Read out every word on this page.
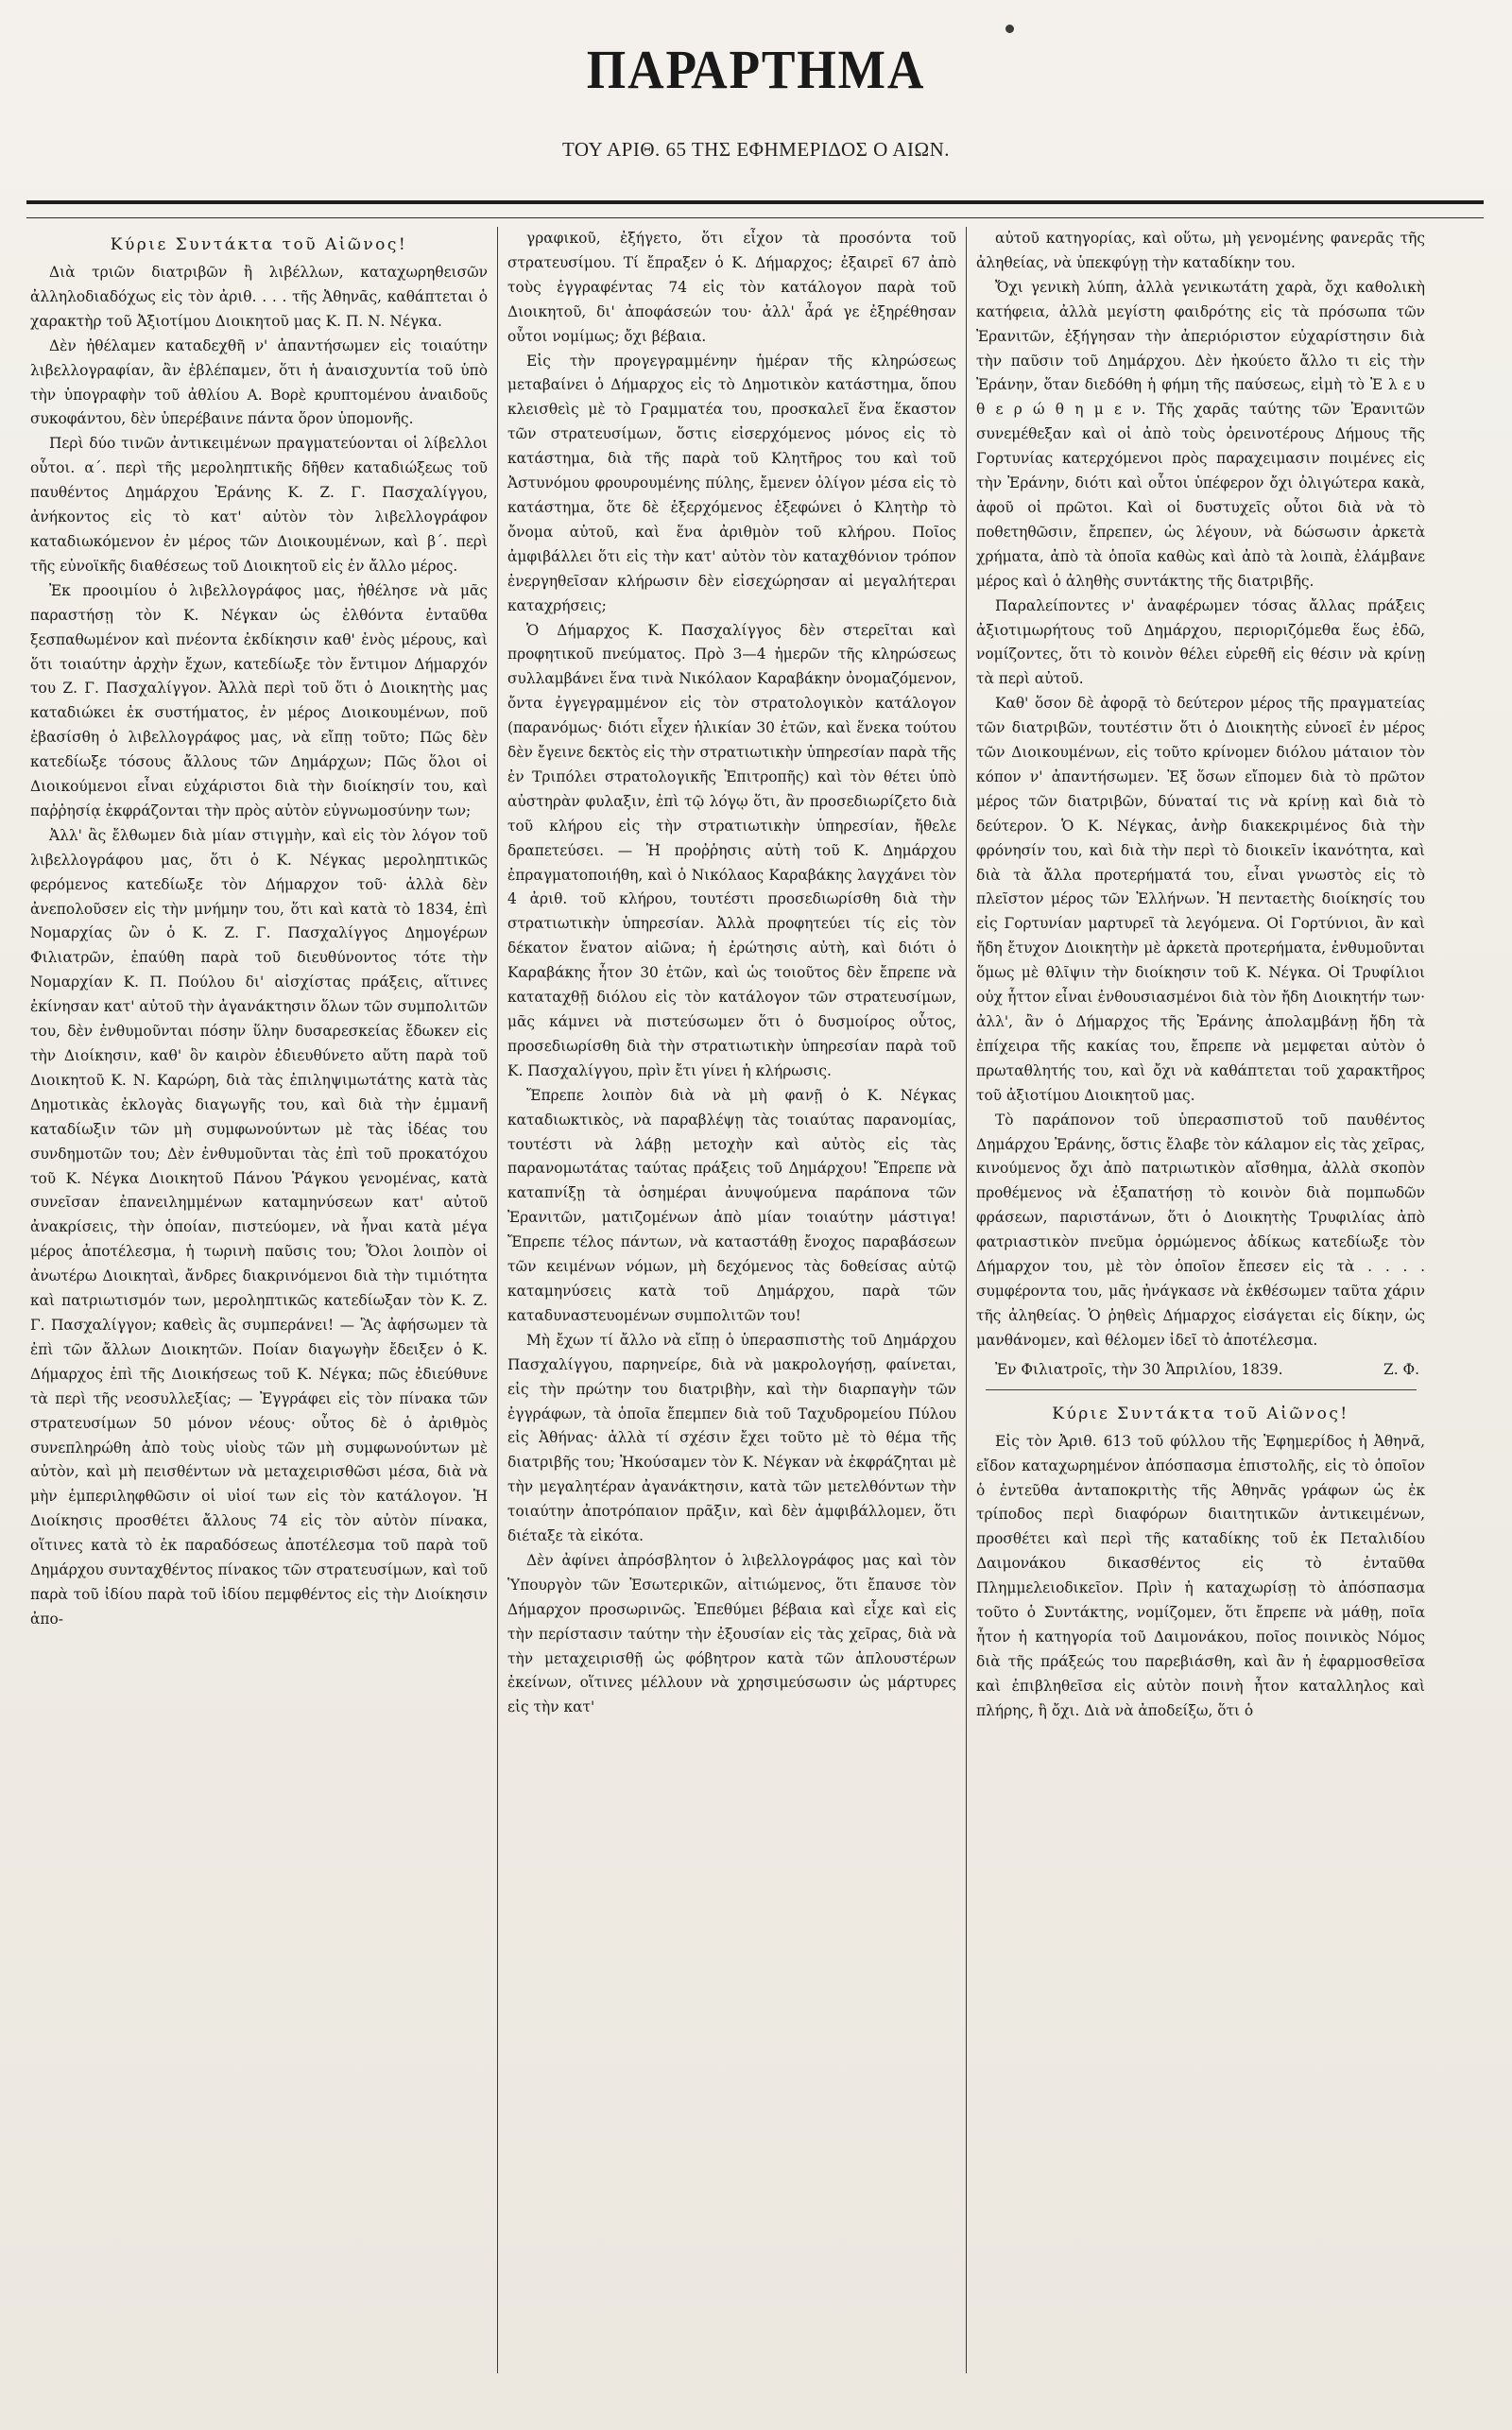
ΠΑΡΑΡΤΗΜΑ
ΤΟΥ ΑΡΙΘ. 65 ΤΗΣ ΕΦΗΜΕΡΙΔΟΣ Ο ΑΙΩΝ.
Κύριε Συντάκτα τοῦ Αἰῶνος!

Διὰ τριῶν διατριβῶν ἢ λιβέλλων, καταχωρηθεισῶν ἀλληλοδιαδόχως εἰς τὸν ἀριθ. . . . τῆς Ἀθηνᾶς, καθάπτεται ὁ χαρακτὴρ τοῦ Ἀξιοτίμου Διοικητοῦ μας Κ. Π. Ν. Νέγκα.

Δὲν ἠθέλαμεν καταδεχθῆ ν' ἀπαντήσωμεν εἰς τοιαύτην λιβελλογραφίαν, ἂν ἐβλέπαμεν, ὅτι ἡ ἀναισχυντία τοῦ ὑπὸ τὴν ὑπογραφὴν τοῦ ἀθλίου Α. Βορὲ κρυπτομένου ἀναιδοῦς συκοφάντου, δὲν ὑπερέβαινε πάντα ὅρον ὑπομονῆς.

Περὶ δύο τινῶν ἀντικειμένων πραγματεύονται οἱ λίβελλοι οὗτοι. α΄. περὶ τῆς μεροληπτικῆς δῆθεν καταδιώξεως τοῦ παυθέντος Δημάρχου Ἐράνης Κ. Ζ. Γ. Πασχαλίγγου, ἀνήκοντος εἰς τὸ κατ' αὐτὸν τὸν λιβελλογράφον καταδιωκόμενον ἐν μέρος τῶν Διοικουμένων, καὶ β΄. περὶ τῆς εὐνοϊκῆς διαθέσεως τοῦ Διοικητοῦ εἰς ἐν ἄλλο μέρος.

Ἐκ προοιμίου ὁ λιβελλογράφος μας, ἠθέλησε νὰ μᾶς παραστήσῃ τὸν Κ. Νέγκαν ὡς ἐλθόντα ἐνταῦθα ξεσπαθωμένον καὶ πνέοντα ἐκδίκησιν καθ' ἑνὸς μέρους, καὶ ὅτι τοιαύτην ἀρχὴν ἔχων, κατεδίωξε τὸν ἔντιμον Δήμαρχόν του Ζ. Γ. Πασχαλίγγον. Ἀλλὰ περὶ τοῦ ὅτι ὁ Διοικητὴς μας καταδιώκει ἐκ συστήματος, ἐν μέρος Διοικουμένων, ποῦ ἐβασίσθη ὁ λιβελλογράφος μας, νὰ εἴπῃ τοῦτο; Πῶς δὲν κατεδίωξε τόσους ἄλλους τῶν Δημάρχων; Πῶς ὅλοι οἱ Διοικούμενοι εἶναι εὐχάριστοι διὰ τὴν διοίκησίν του, καὶ παῤῥησίᾳ ἐκφράζονται τὴν πρὸς αὐτὸν εὐγνωμοσύνην των;

Ἀλλ' ἂς ἔλθωμεν διὰ μίαν στιγμὴν, καὶ εἰς τὸν λόγον τοῦ λιβελλογράφου μας, ὅτι ὁ Κ. Νέγκας μεροληπτικῶς φερόμενος κατεδίωξε τὸν Δήμαρχον τοῦ· ἀλλὰ δὲν ἀνεπολοῦσεν εἰς τὴν μνήμην του, ὅτι καὶ κατὰ τὸ 1834, ἐπὶ Νομαρχίας ὢν ὁ Κ. Ζ. Γ. Πασχαλίγγος Δημογέρων Φιλιατρῶν, ἐπαύθη παρὰ τοῦ διευθύνοντος τότε τὴν Νομαρχίαν Κ. Π. Πούλου δι' αἰσχίστας πράξεις, αἵτινες ἐκίνησαν κατ' αὐτοῦ τὴν ἀγανάκτησιν ὅλων τῶν συμπολιτῶν του, δὲν ἐνθυμοῦνται πόσην ὕλην δυσαρεσκείας ἔδωκεν εἰς τὴν Διοίκησιν, καθ' ὃν καιρὸν ἐδιευθύνετο αὕτη παρὰ τοῦ Διοικητοῦ Κ. Ν. Καρώρη, διὰ τὰς ἐπιληψιμωτάτης κατὰ τὰς Δημοτικὰς ἐκλογὰς διαγωγῆς του, καὶ διὰ τὴν ἐμμανῆ καταδίωξιν τῶν μὴ συμφωνούντων μὲ τὰς ἰδέας του συνδημοτῶν του; Δὲν ἐνθυμοῦνται τὰς ἐπὶ τοῦ προκατόχου τοῦ Κ. Νέγκα Διοικητοῦ Πάνου Ῥάγκου γενομένας, κατὰ συνεῖσαν ἐπανειλημμένων καταμηνύσεων κατ' αὐτοῦ ἀνακρίσεις, τὴν ὁποίαν, πιστεύομεν, νὰ ἦναι κατὰ μέγα μέρος ἀποτέλεσμα, ἡ τωρινὴ παῦσις του; Ὅλοι λοιπὸν οἱ ἀνωτέρω Διοικηταὶ, ἄνδρες διακρινόμενοι διὰ τὴν τιμιότητα καὶ πατριωτισμόν των, μεροληπτικῶς κατεδίωξαν τὸν Κ. Ζ. Γ. Πασχαλίγγον; καθεὶς ἂς συμπεράνει! — Ἂς ἀφήσωμεν τὰ ἐπὶ τῶν ἄλλων Διοικητῶν. Ποίαν διαγωγὴν ἔδειξεν ὁ Κ. Δήμαρχος ἐπὶ τῆς Διοικήσεως τοῦ Κ. Νέγκα; πῶς ἐδιεύθυνε τὰ περὶ τῆς νεοσυλλεξίας; — Ἐγγράφει εἰς τὸν πίνακα τῶν στρατευσίμων 50 μόνον νέους· οὗτος δὲ ὁ ἀριθμὸς συνεπληρώθη ἀπὸ τοὺς υἱοὺς τῶν μὴ συμφωνούντων μὲ αὐτὸν, καὶ μὴ πεισθέντων νὰ μεταχειρισθῶσι μέσα, διὰ νὰ μὴν ἐμπεριληφθῶσιν οἱ υἱοί των εἰς τὸν κατάλογον. Ἡ Διοίκησις προσθέτει ἄλλους 74 εἰς τὸν αὐτὸν πίνακα, οἵτινες κατὰ τὸ ἐκ παραδόσεως ἀποτέλεσμα τοῦ παρὰ τοῦ Δημάρχου συνταχθέντος πίνακος τῶν στρατευσίμων, καὶ τοῦ παρὰ τοῦ ἰδίου παρὰ τοῦ ἰδίου πεμφθέντος εἰς τὴν Διοίκησιν ἀπο-

γραφικοῦ, ἐξήγετο, ὅτι εἶχον τὰ προσόντα τοῦ στρατευσίμου. Τί ἔπραξεν ὁ Κ. Δήμαρχος; ἐξαιρεῖ 67 ἀπὸ τοὺς ἐγγραφέντας 74 εἰς τὸν κατάλογον παρὰ τοῦ Διοικητοῦ, δι' ἀποφάσεών του· ἀλλ' ἆρά γε ἐξηρέθησαν οὗτοι νομίμως; ὄχι βέβαια.

Εἰς τὴν προγεγραμμένην ἡμέραν τῆς κληρώσεως μεταβαίνει ὁ Δήμαρχος εἰς τὸ Δημοτικὸν κατάστημα, ὅπου κλεισθεὶς μὲ τὸ Γραμματέα του, προσκαλεῖ ἕνα ἕκαστον τῶν στρατευσίμων, ὅστις εἰσερχόμενος μόνος εἰς τὸ κατάστημα, διὰ τῆς παρὰ τοῦ Κλητῆρος του καὶ τοῦ Ἀστυνόμου φρουρουμένης πύλης, ἔμενεν ὀλίγον μέσα εἰς τὸ κατάστημα, ὅτε δὲ ἐξερχόμενος ἐξεφώνει ὁ Κλητὴρ τὸ ὄνομα αὐτοῦ, καὶ ἕνα ἀριθμὸν τοῦ κλήρου. Ποῖος ἀμφιβάλλει ὅτι εἰς τὴν κατ' αὐτὸν τὸν καταχθόνιον τρόπον ἐνεργηθεῖσαν κλήρωσιν δὲν εἰσεχώρησαν αἱ μεγαλήτεραι καταχρήσεις;

Ὁ Δήμαρχος Κ. Πασχαλίγγος δὲν στερεῖται καὶ προφητικοῦ πνεύματος. Πρὸ 3—4 ἡμερῶν τῆς κληρώσεως συλλαμβάνει ἕνα τινὰ Νικόλαον Καραβάκην ὀνομαζόμενον, ὄντα ἐγγεγραμμένον εἰς τὸν στρατολογικὸν κατάλογον (παρανόμως· διότι εἶχεν ἡλικίαν 30 ἐτῶν, καὶ ἕνεκα τούτου δὲν ἔγεινε δεκτὸς εἰς τὴν στρατιωτικὴν ὑπηρεσίαν παρὰ τῆς ἐν Τριπόλει στρατολογικῆς Ἐπιτροπῆς) καὶ τὸν θέτει ὑπὸ αὐστηρὰν φυλαξιν, ἐπὶ τῷ λόγῳ ὅτι, ἂν προσεδιωρίζετο διὰ τοῦ κλήρου εἰς τὴν στρατιωτικὴν ὑπηρεσίαν, ἤθελε δραπετεύσει. — Ἡ προῤῥησις αὐτὴ τοῦ Κ. Δημάρχου ἐπραγματοποιήθη, καὶ ὁ Νικόλαος Καραβάκης λαγχάνει τὸν 4 ἀριθ. τοῦ κλήρου, τουτέστι προσεδιωρίσθη διὰ τὴν στρατιωτικὴν ὑπηρεσίαν. Ἀλλὰ προφητεύει τίς εἰς τὸν δέκατον ἔνατον αἰῶνα; ἡ ἐρώτησις αὐτὴ, καὶ διότι ὁ Καραβάκης ἦτον 30 ἐτῶν, καὶ ὡς τοιοῦτος δὲν ἔπρεπε νὰ καταταχθῇ διόλου εἰς τὸν κατάλογον τῶν στρατευσίμων, μᾶς κάμνει νὰ πιστεύσωμεν ὅτι ὁ δυσμοίρος οὗτος, προσεδιωρίσθη διὰ τὴν στρατιωτικὴν ὑπηρεσίαν παρὰ τοῦ Κ. Πασχαλίγγου, πρὶν ἔτι γίνει ἡ κλήρωσις.

Ἔπρεπε λοιπὸν διὰ νὰ μὴ φανῇ ὁ Κ. Νέγκας καταδιωκτικὸς, νὰ παραβλέψῃ τὰς τοιαύτας παρανομίας, τουτέστι νὰ λάβῃ μετοχὴν καὶ αὐτὸς εἰς τὰς παρανομωτάτας ταύτας πράξεις τοῦ Δημάρχου! Ἔπρεπε νὰ καταπνίξῃ τὰ ὀσημέραι ἀνυψούμενα παράπονα τῶν Ἐρανιτῶν, ματιζομένων ἀπὸ μίαν τοιαύτην μάστιγα! Ἔπρεπε τέλος πάντων, νὰ καταστάθῃ ἔνοχος παραβάσεων τῶν κειμένων νόμων, μὴ δεχόμενος τὰς δοθείσας αὐτῷ καταμηνύσεις κατὰ τοῦ Δημάρχου, παρὰ τῶν καταδυναστευομένων συμπολιτῶν του!

Μὴ ἔχων τί ἄλλο νὰ εἴπῃ ὁ ὑπερασπιστὴς τοῦ Δημάρχου Πασχαλίγγου, παρηνείρε, διὰ νὰ μακρολογήσῃ, φαίνεται, εἰς τὴν πρώτην του διατριβὴν, καὶ τὴν διαρπαγὴν τῶν ἐγγράφων, τὰ ὁποῖα ἔπεμπεν διὰ τοῦ Ταχυδρομείου Πύλου εἰς Ἀθήνας· ἀλλὰ τί σχέσιν ἔχει τοῦτο μὲ τὸ θέμα τῆς διατριβῆς του; Ἠκούσαμεν τὸν Κ. Νέγκαν νὰ ἐκφράζηται μὲ τὴν μεγαλητέραν ἀγανάκτησιν, κατὰ τῶν μετελθόντων τὴν τοιαύτην ἀποτρόπαιον πρᾶξιν, καὶ δὲν ἀμφιβάλλομεν, ὅτι διέταξε τὰ εἰκότα.

Δὲν ἀφίνει ἀπρόσβλητον ὁ λιβελλογράφος μας καὶ τὸν Ὑπουργὸν τῶν Ἐσωτερικῶν, αἰτιώμενος, ὅτι ἔπαυσε τὸν Δήμαρχον προσωρινῶς. Ἐπεθύμει βέβαια καὶ εἶχε καὶ εἰς τὴν περίστασιν ταύτην τὴν ἐξουσίαν εἰς τὰς χεῖρας, διὰ νὰ τὴν μεταχειρισθῇ ὡς φόβητρον κατὰ τῶν ἁπλουστέρων ἐκείνων, οἵτινες μέλλουν νὰ χρησιμεύσωσιν ὡς μάρτυρες εἰς τὴν κατ'

αὐτοῦ κατηγορίας, καὶ οὕτω, μὴ γενομένης φανερᾶς τῆς ἀληθείας, νὰ ὑπεκφύγῃ τὴν καταδίκην του.

Ὄχι γενικὴ λύπη, ἀλλὰ γενικωτάτη χαρὰ, ὄχι καθολικὴ κατήφεια, ἀλλὰ μεγίστη φαιδρότης εἰς τὰ πρόσωπα τῶν Ἐρανιτῶν, ἐξήγησαν τὴν ἀπεριόριστον εὐχαρίστησιν διὰ τὴν παῦσιν τοῦ Δημάρχου. Δὲν ἠκούετο ἄλλο τι εἰς τὴν Ἐράνην, ὅταν διεδόθη ἡ φήμη τῆς παύσεως, εἰμὴ τὸ Ἐ λ ε υ θ ε ρ ώ θ η μ ε ν. Τῆς χαρᾶς ταύτης τῶν Ἐρανιτῶν συνεμέθεξαν καὶ οἱ ἀπὸ τοὺς ὀρεινοτέρους Δήμους τῆς Γορτυνίας κατερχόμενοι πρὸς παραχειμασιν ποιμένες εἰς τὴν Ἐράνην, διότι καὶ οὗτοι ὑπέφερον ὄχι ὀλιγώτερα κακὰ, ἀφοῦ οἱ πρῶτοι. Καὶ οἱ δυστυχεῖς οὗτοι διὰ νὰ τὸ ποθετηθῶσιν, ἔπρεπεν, ὡς λέγουν, νὰ δώσωσιν ἀρκετὰ χρήματα, ἀπὸ τὰ ὁποῖα καθὼς καὶ ἀπὸ τὰ λοιπὰ, ἐλάμβανε μέρος καὶ ὁ ἀληθὴς συντάκτης τῆς διατριβῆς.

Παραλείποντες ν' ἀναφέρωμεν τόσας ἄλλας πράξεις ἀξιοτιμωρήτους τοῦ Δημάρχου, περιοριζόμεθα ἕως ἐδῶ, νομίζοντες, ὅτι τὸ κοινὸν θέλει εὑρεθῆ εἰς θέσιν νὰ κρίνῃ τὰ περὶ αὐτοῦ.

Καθ' ὅσον δὲ ἀφορᾷ τὸ δεύτερον μέρος τῆς πραγματείας τῶν διατριβῶν, τουτέστιν ὅτι ὁ Διοικητὴς εὐνοεῖ ἐν μέρος τῶν Διοικουμένων, εἰς τοῦτο κρίνομεν διόλου μάταιον τὸν κόπον ν' ἀπαντήσωμεν. Ἐξ ὅσων εἴπομεν διὰ τὸ πρῶτον μέρος τῶν διατριβῶν, δύναταί τις νὰ κρίνῃ καὶ διὰ τὸ δεύτερον. Ὁ Κ. Νέγκας, ἀνὴρ διακεκριμένος διὰ τὴν φρόνησίν του, καὶ διὰ τὴν περὶ τὸ διοικεῖν ἱκανότητα, καὶ διὰ τὰ ἄλλα προτερήματά του, εἶναι γνωστὸς εἰς τὸ πλεῖστον μέρος τῶν Ἑλλήνων. Ἡ πενταετὴς διοίκησίς του εἰς Γορτυνίαν μαρτυρεῖ τὰ λεγόμενα. Οἱ Γορτύνιοι, ἂν καὶ ἤδη ἔτυχον Διοικητὴν μὲ ἀρκετὰ προτερήματα, ἐνθυμοῦνται ὅμως μὲ θλῖψιν τὴν διοίκησιν τοῦ Κ. Νέγκα. Οἱ Τρυφίλιοι οὐχ ἧττον εἶναι ἐνθουσιασμένοι διὰ τὸν ἤδη Διοικητήν των· ἀλλ', ἂν ὁ Δήμαρχος τῆς Ἐράνης ἀπολαμβάνῃ ἤδη τὰ ἐπίχειρα τῆς κακίας του, ἔπρεπε νὰ μεμφεται αὐτὸν ὁ πρωταθλητής του, καὶ ὄχι νὰ καθάπτεται τοῦ χαρακτῆρος τοῦ ἀξιοτίμου Διοικητοῦ μας.

Τὸ παράπονον τοῦ ὑπερασπιστοῦ τοῦ παυθέντος Δημάρχου Ἐράνης, ὅστις ἔλαβε τὸν κάλαμον εἰς τὰς χεῖρας, κινούμενος ὄχι ἀπὸ πατριωτικὸν αἴσθημα, ἀλλὰ σκοπὸν προθέμενος νὰ ἐξαπατήσῃ τὸ κοινὸν διὰ πομπωδῶν φράσεων, παριστάνων, ὅτι ὁ Διοικητὴς Τρυφιλίας ἀπὸ φατριαστικὸν πνεῦμα ὁρμώμενος ἀδίκως κατεδίωξε τὸν Δήμαρχον του, μὲ τὸν ὁποῖον ἔπεσεν εἰς τὰ . . . . συμφέροντα του, μᾶς ἠνάγκασε νὰ ἐκθέσωμεν ταῦτα χάριν τῆς ἀληθείας. Ὁ ῥηθεὶς Δήμαρχος εἰσάγεται εἰς δίκην, ὡς μανθάνομεν, καὶ θέλομεν ἰδεῖ τὸ ἀποτέλεσμα.

Ἐν Φιλιατροῖς, τὴν 30 Ἀπριλίου, 1839.	Ζ. Φ.
Κύριε Συντάκτα τοῦ Αἰῶνος!

Εἰς τὸν Ἀριθ. 613 τοῦ φύλλου τῆς Ἐφημερίδος ἡ Ἀθηνᾶ, εἴδον καταχωρημένον ἀπόσπασμα ἐπιστολῆς, εἰς τὸ ὁποῖον ὁ ἐντεῦθα ἀνταποκριτὴς τῆς Ἀθηνᾶς γράφων ὡς ἐκ τρίποδος περὶ διαφόρων διαιτητικῶν ἀντικειμένων, προσθέτει καὶ περὶ τῆς καταδίκης τοῦ ἐκ Πεταλιδίου Δαιμονάκου δικασθέντος εἰς τὸ ἐνταῦθα Πλημμελειοδικεῖον. Πρὶν ἡ καταχωρίσῃ τὸ ἀπόσπασμα τοῦτο ὁ Συντάκτης, νομίζομεν, ὅτι ἔπρεπε νὰ μάθῃ, ποῖα ἦτον ἡ κατηγορία τοῦ Δαιμονάκου, ποῖος ποινικὸς Νόμος διὰ τῆς πράξεώς του παρεβιάσθη, καὶ ἂν ἡ ἐφαρμοσθεῖσα καὶ ἐπιβληθεῖσα εἰς αὐτὸν ποινὴ ἦτον καταλληλος καὶ πλήρης, ἢ ὄχι. Διὰ νὰ ἀποδείξω, ὅτι ὁ
